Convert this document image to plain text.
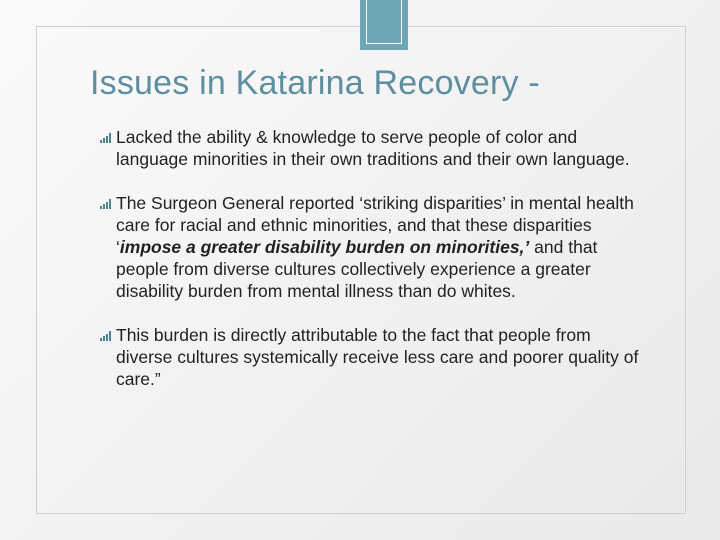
Issues in Katarina Recovery -
Lacked the ability & knowledge to serve people of color and language minorities in their own traditions and their own language.
The Surgeon General reported ‘striking disparities’ in mental health care for racial and ethnic minorities, and that these disparities ‘impose a greater disability burden on minorities,’ and that people from diverse cultures collectively experience a greater disability burden from mental illness than do whites.
This burden is directly attributable to the fact that people from diverse cultures systemically receive less care and poorer quality of care.”
